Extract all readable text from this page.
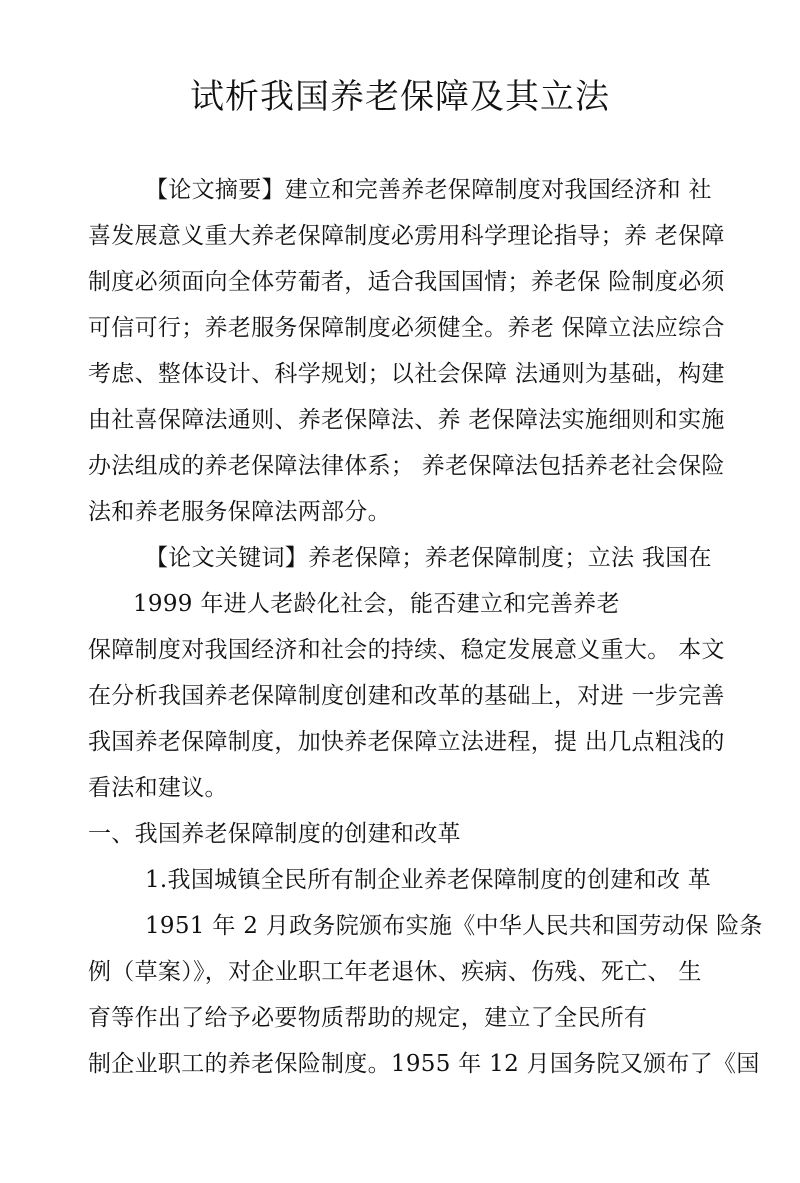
试析我国养老保障及其立法
【论文摘要】建立和完善养老保障制度对我国经济和 社
喜发展意义重大养老保障制度必雳用科学理论指导；养 老保障
制度必须面向全体劳葡者，适合我国国情；养老保 险制度必须
可信可行；养老服务保障制度必须健全。养老 保障立法应综合
考虑、整体设计、科学规划；以社会保障 法通则为基础，构建
由社喜保障法通则、养老保障法、养 老保障法实施细则和实施
办法组成的养老保障法律体系； 养老保障法包括养老社会保险
法和养老服务保障法两部分。
【论文关键词】养老保障；养老保障制度；立法 我国在
1999 年进人老龄化社会，能否建立和完善养老
保障制度对我国经济和社会的持续、稳定发展意义重大。 本文
在分析我国养老保障制度创建和改革的基础上，对进 一步完善
我国养老保障制度，加快养老保障立法进程，提 出几点粗浅的
看法和建议。
一、我国养老保障制度的创建和改革
1.我国城镇全民所有制企业养老保障制度的创建和改 革
1951 年 2 月政务院颁布实施《中华人民共和国劳动保 险条
例（草案）》，对企业职工年老退休、疾病、伤残、死亡、 生
育等作出了给予必要物质帮助的规定，建立了全民所有
制企业职工的养老保险制度。1955 年 12 月国务院又颁布了《国
